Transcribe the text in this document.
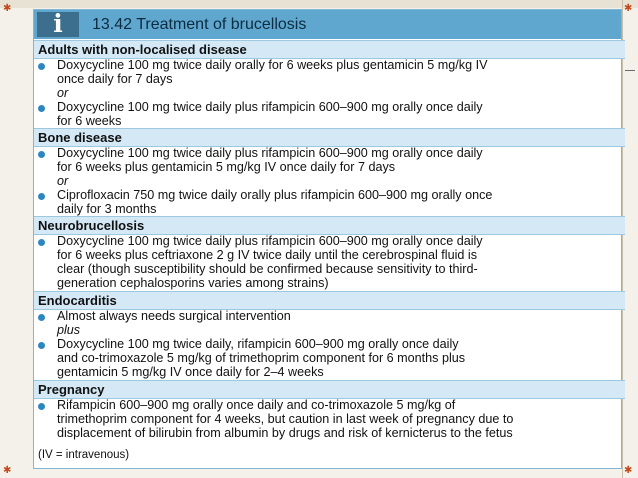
✱	✱
✱	✱
i 13.42 Treatment of brucellosis
Adults with non-localised disease
Doxycycline 100 mg twice daily orally for 6 weeks plus gentamicin 5 mg/kg IV
once daily for 7 days
or
Doxycycline 100 mg twice daily plus rifampicin 600–900 mg orally once daily
for 6 weeks
Bone disease
Doxycycline 100 mg twice daily plus rifampicin 600–900 mg orally once daily
for 6 weeks plus gentamicin 5 mg/kg IV once daily for 7 days
or
Ciprofloxacin 750 mg twice daily orally plus rifampicin 600–900 mg orally once
daily for 3 months
Neurobrucellosis
Doxycycline 100 mg twice daily plus rifampicin 600–900 mg orally once daily
for 6 weeks plus ceftriaxone 2 g IV twice daily until the cerebrospinal fluid is
clear (though susceptibility should be confirmed because sensitivity to third-
generation cephalosporins varies among strains)
Endocarditis
Almost always needs surgical intervention
plus
Doxycycline 100 mg twice daily, rifampicin 600–900 mg orally once daily
and co-trimoxazole 5 mg/kg of trimethoprim component for 6 months plus
gentamicin 5 mg/kg IV once daily for 2–4 weeks
Pregnancy
Rifampicin 600–900 mg orally once daily and co-trimoxazole 5 mg/kg of
trimethoprim component for 4 weeks, but caution in last week of pregnancy due to
displacement of bilirubin from albumin by drugs and risk of kernicterus to the fetus
(IV = intravenous)
